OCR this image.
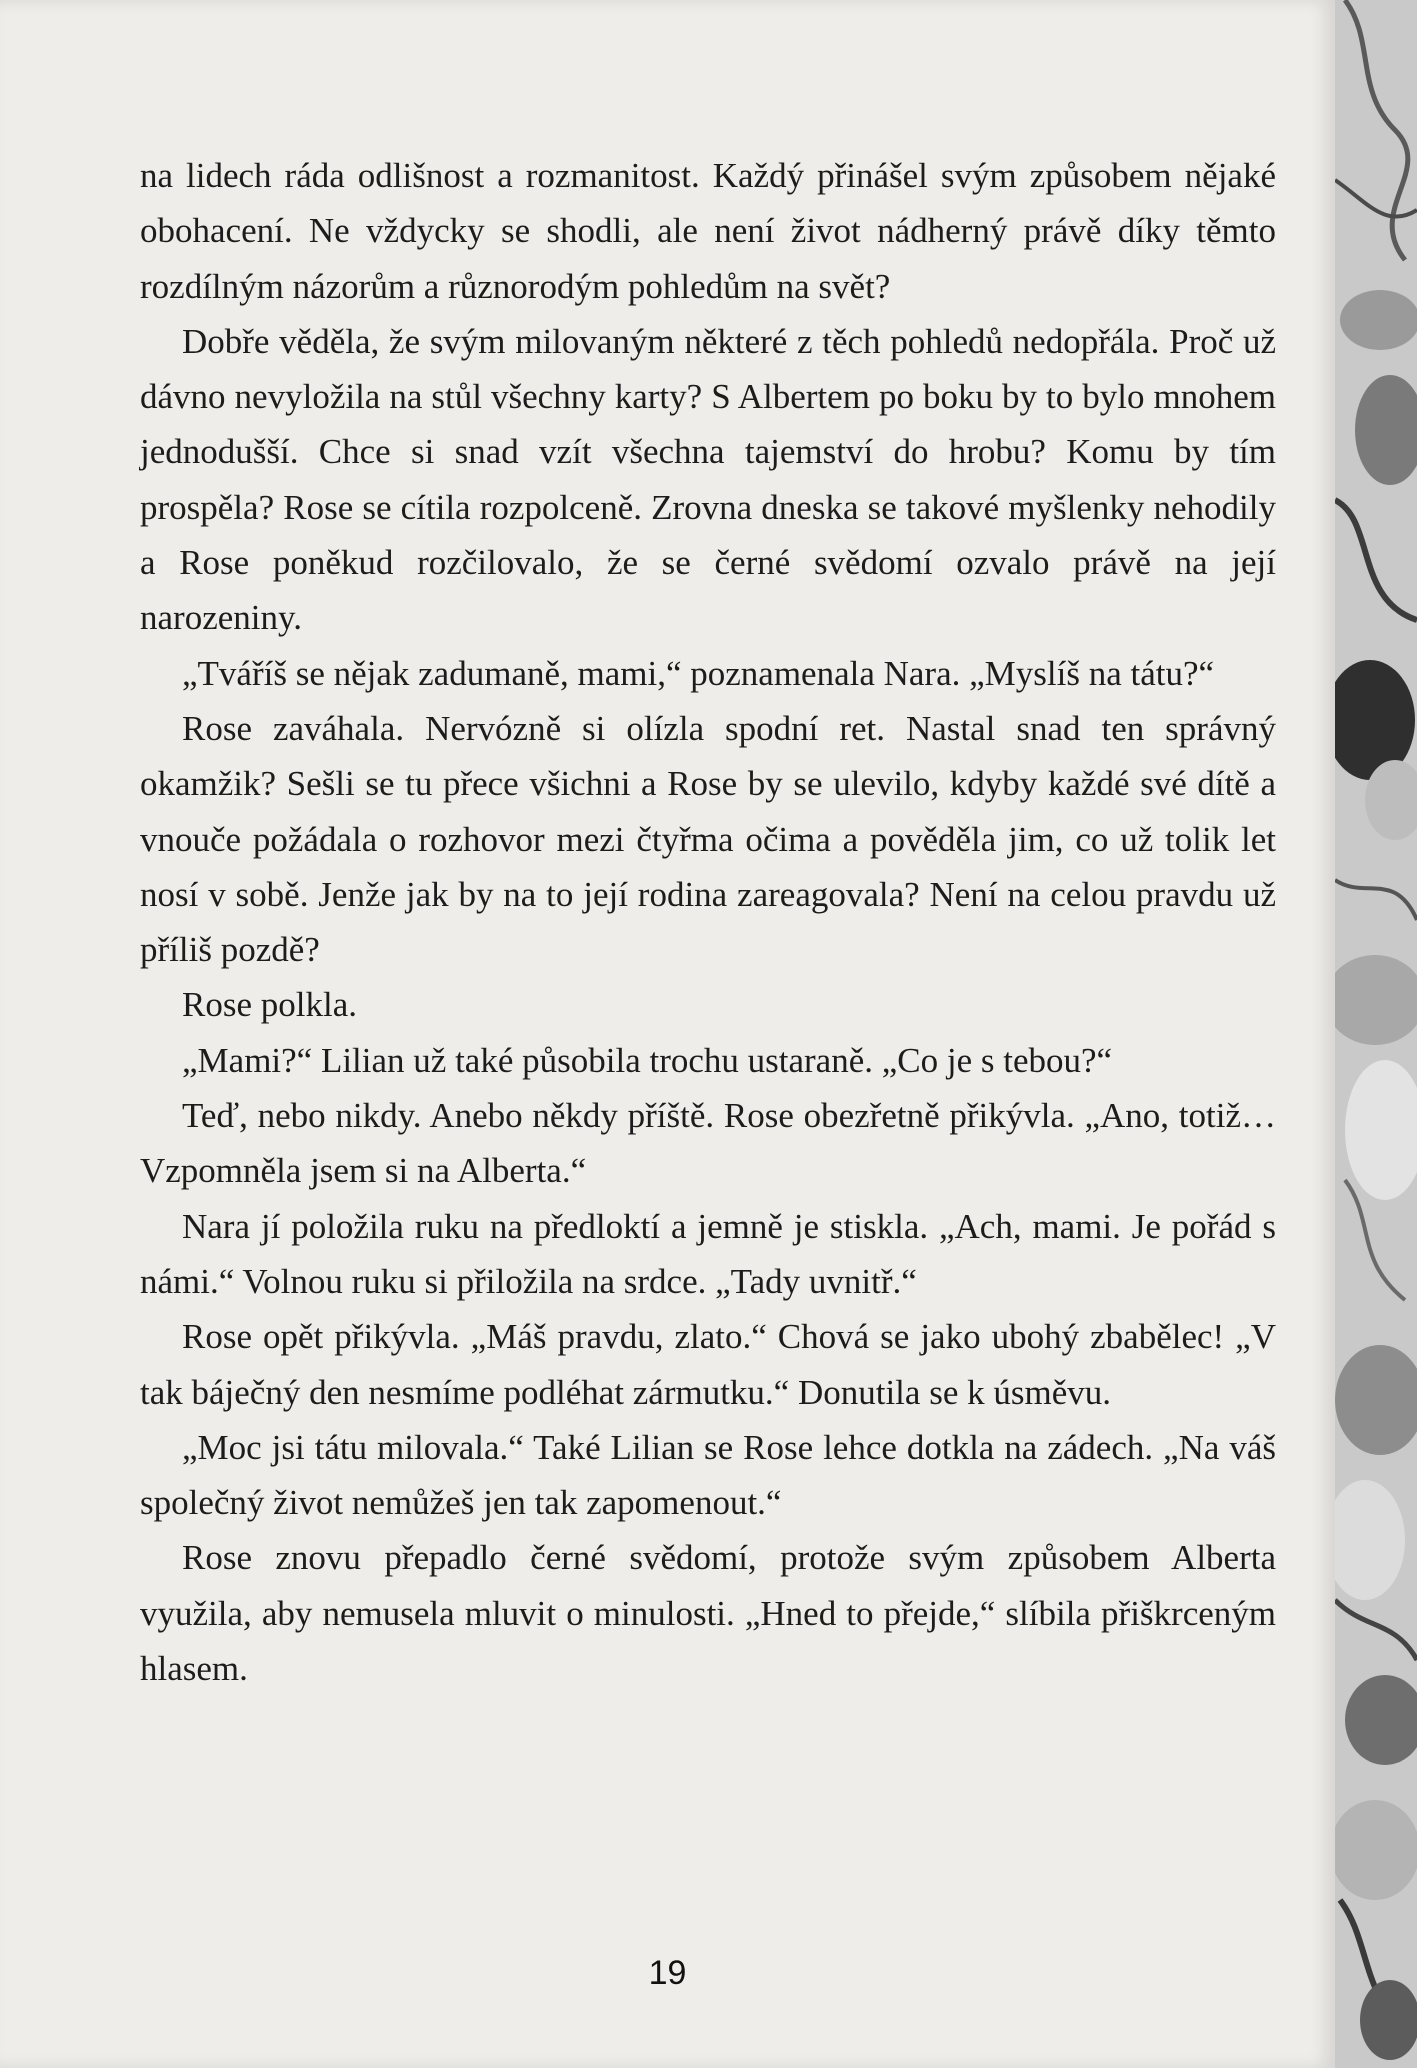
na lidech ráda odlišnost a rozmanitost. Každý přinášel svým způsobem nějaké obohacení. Ne vždycky se shodli, ale není život nádherný právě díky těmto rozdílným názorům a různorodým pohledům na svět?

Dobře věděla, že svým milovaným některé z těch pohledů nedopřála. Proč už dávno nevyložila na stůl všechny karty? S Albertem po boku by to bylo mnohem jednodušší. Chce si snad vzít všechna tajemství do hrobu? Komu by tím prospěla? Rose se cítila rozpolceně. Zrovna dneska se takové myšlenky nehodily a Rose poněkud rozčilovalo, že se černé svědomí ozvalo právě na její narozeniny.

„Tváříš se nějak zadumaně, mami,“ poznamenala Nara. „Myslíš na tátu?“

Rose zaváhala. Nervózně si olízla spodní ret. Nastal snad ten správný okamžik? Sešli se tu přece všichni a Rose by se ulevilo, kdyby každé své dítě a vnouče požádala o rozhovor mezi čtyřma očima a pověděla jim, co už tolik let nosí v sobě. Jenže jak by na to její rodina zareagovala? Není na celou pravdu už příliš pozdě?

Rose polkla.

„Mami?“ Lilian už také působila trochu ustaraně. „Co je s tebou?“

Teď, nebo nikdy. Anebo někdy příště. Rose obezřetně přikývla. „Ano, totiž… Vzpomněla jsem si na Alberta.“

Nara jí položila ruku na předloktí a jemně je stiskla. „Ach, mami. Je pořád s námi.“ Volnou ruku si přiložila na srdce. „Tady uvnitř.“

Rose opět přikývla. „Máš pravdu, zlato.“ Chová se jako ubohý zbabělec! „V tak báječný den nesmíme podléhat zármutku.“ Donutila se k úsměvu.

„Moc jsi tátu milovala.“ Také Lilian se Rose lehce dotkla na zádech. „Na váš společný život nemůžeš jen tak zapomenout.“

Rose znovu přepadlo černé svědomí, protože svým způsobem Alberta využila, aby nemusela mluvit o minulosti. „Hned to přejde,“ slíbila přiškrceným hlasem.

19
